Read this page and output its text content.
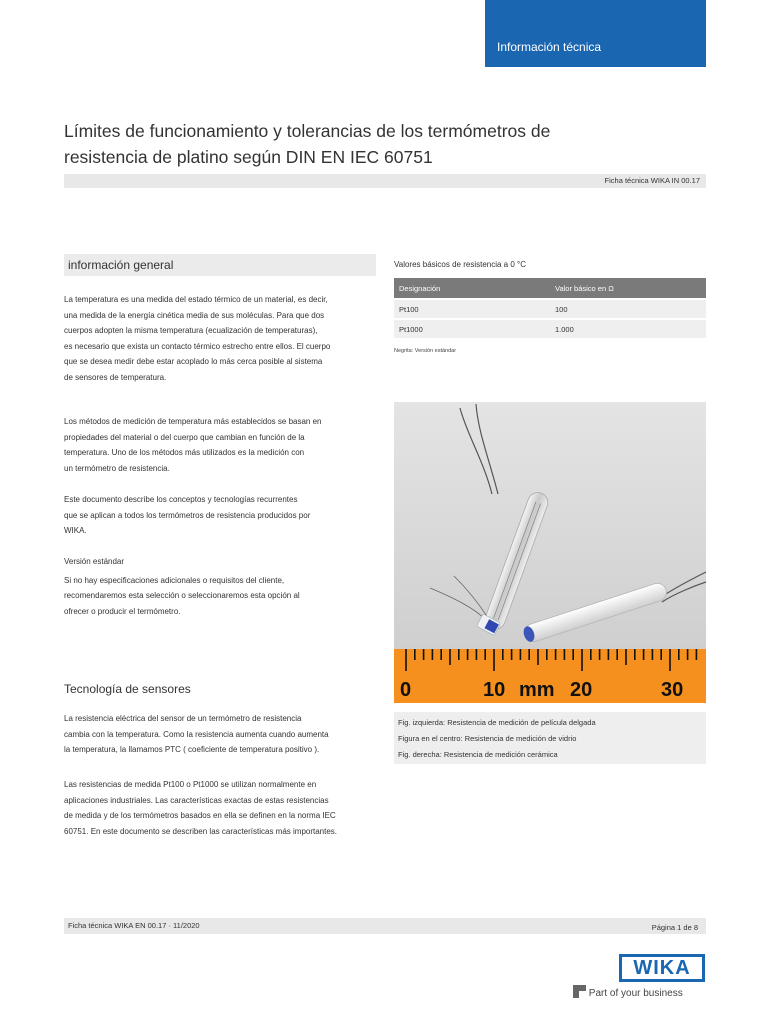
Información técnica
Límites de funcionamiento y tolerancias de los termómetros de
resistencia de platino según DIN EN IEC 60751
Ficha técnica WIKA IN 00.17
información general
La temperatura es una medida del estado térmico de un material, es decir,
una medida de la energía cinética media de sus moléculas. Para que dos
cuerpos adopten la misma temperatura (ecualización de temperaturas),
es necesario que exista un contacto térmico estrecho entre ellos. El cuerpo
que se desea medir debe estar acoplado lo más cerca posible al sistema
de sensores de temperatura.
Los métodos de medición de temperatura más establecidos se basan en
propiedades del material o del cuerpo que cambian en función de la
temperatura. Uno de los métodos más utilizados es la medición con
un termómetro de resistencia.
Este documento describe los conceptos y tecnologías recurrentes
que se aplican a todos los termómetros de resistencia producidos por
WIKA.
Versión estándar
Si no hay especificaciones adicionales o requisitos del cliente,
recomendaremos esta selección o seleccionaremos esta opción al
ofrecer o producir el termómetro.
Tecnología de sensores
La resistencia eléctrica del sensor de un termómetro de resistencia
cambia con la temperatura. Como la resistencia aumenta cuando aumenta
la temperatura, la llamamos PTC ( coeficiente de temperatura positivo ).
Las resistencias de medida Pt100 o Pt1000 se utilizan normalmente en
aplicaciones industriales. Las características exactas de estas resistencias
de medida y de los termómetros basados en ella se definen en la norma IEC
60751. En este documento se describen las características más importantes.
Valores básicos de resistencia a 0 °C
Designación	Valor básico en Ω
Pt100	100
Pt1000	1.000
Negrita: Versión estándar
0	10 mm 20	30
Fig. izquierda: Resistencia de medición de película delgada
Figura en el centro: Resistencia de medición de vidrio
Fig. derecha: Resistencia de medición cerámica
Ficha técnica WIKA EN 00.17 · 11/2020	Página 1 de 8
WIKA
Part of your business
